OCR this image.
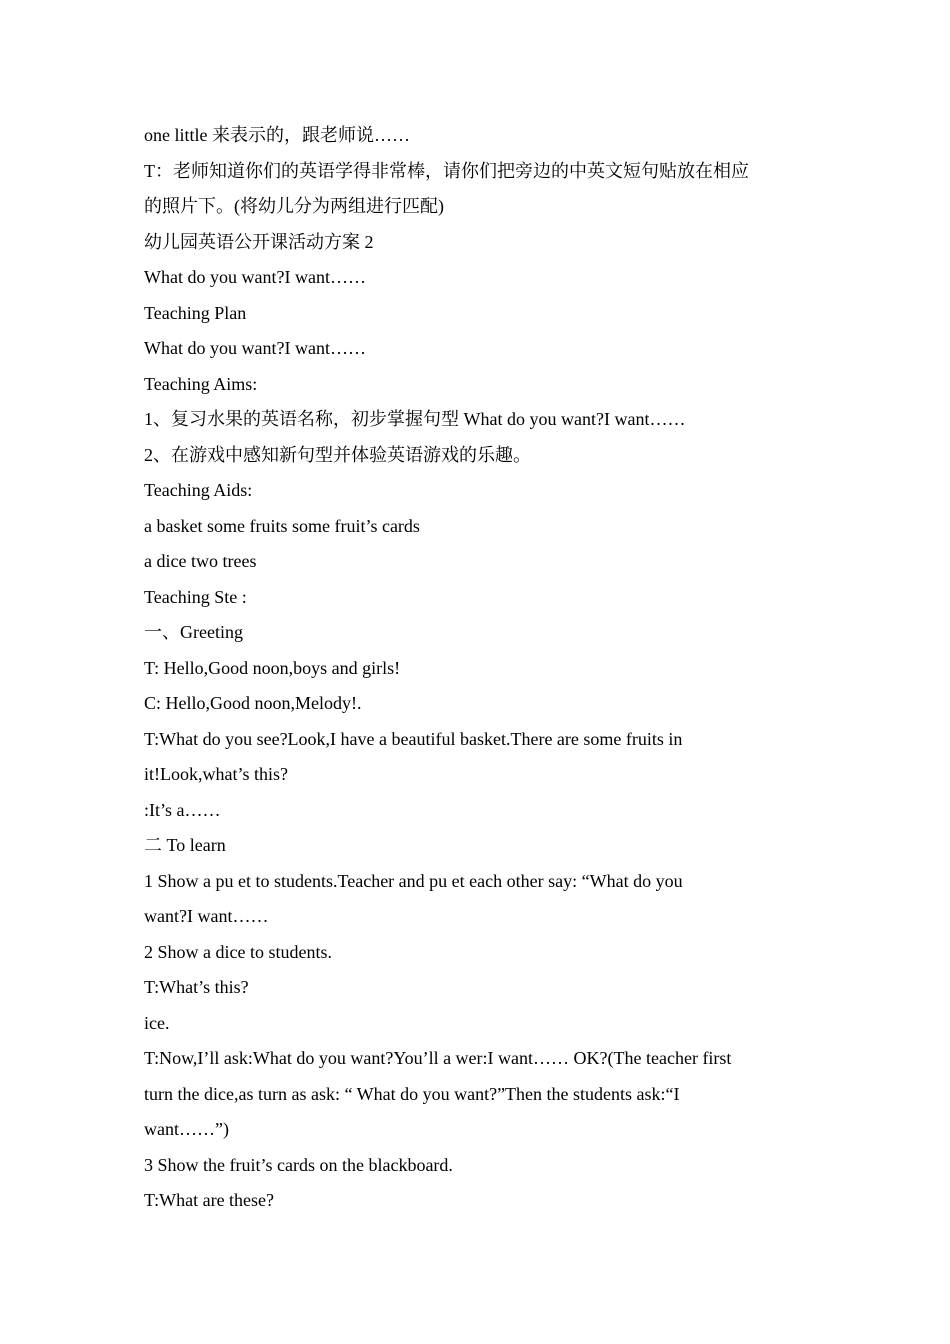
one little 来表示的，跟老师说……
T：老师知道你们的英语学得非常棒，请你们把旁边的中英文短句贴放在相应
的照片下。(将幼儿分为两组进行匹配)
幼儿园英语公开课活动方案 2
What do you want?I want……
Teaching Plan
What do you want?I want……
Teaching Aims:
1、复习水果的英语名称，初步掌握句型 What do you want?I want……
2、在游戏中感知新句型并体验英语游戏的乐趣。
Teaching Aids:
a basket some fruits some fruit’s cards
a dice two trees
Teaching Ste :
一、Greeting
T: Hello,Good noon,boys and girls!
C: Hello,Good noon,Melody!.
T:What do you see?Look,I have a beautiful basket.There are some fruits in
it!Look,what’s this?
:It’s a……
二 To learn
1 Show a pu et to students.Teacher and pu et each other say: “What do you
want?I want……
2 Show a dice to students.
T:What’s this?
ice.
T:Now,I’ll ask:What do you want?You’ll a wer:I want…… OK?(The teacher first
turn the dice,as turn as ask: “ What do you want?”Then the students ask:“I
want……”)
3 Show the fruit’s cards on the blackboard.
T:What are these?
